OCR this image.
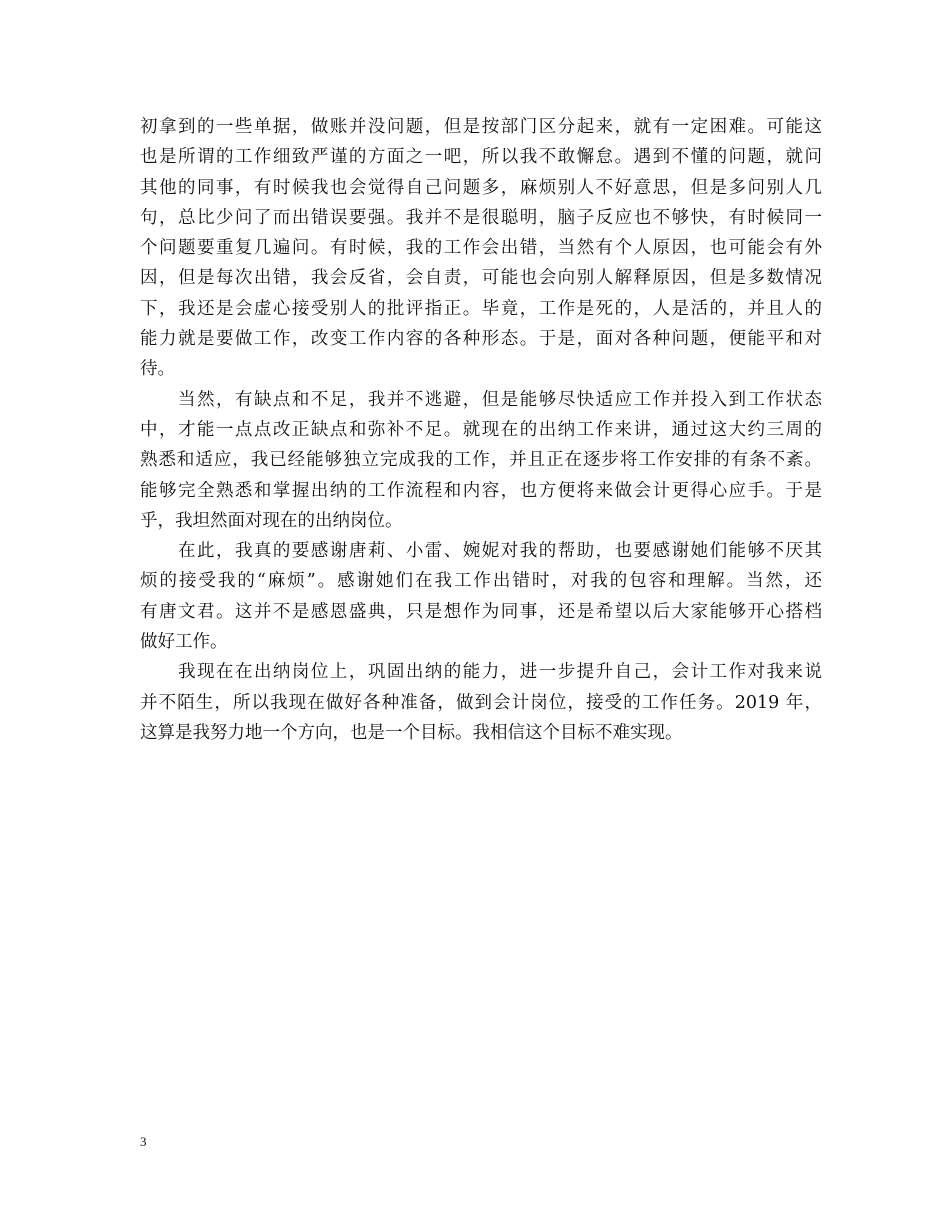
初拿到的一些单据，做账并没问题，但是按部门区分起来，就有一定困难。可能这
也是所谓的工作细致严谨的方面之一吧，所以我不敢懈怠。遇到不懂的问题，就问
其他的同事，有时候我也会觉得自己问题多，麻烦别人不好意思，但是多问别人几
句，总比少问了而出错误要强。我并不是很聪明，脑子反应也不够快，有时候同一
个问题要重复几遍问。有时候，我的工作会出错，当然有个人原因，也可能会有外
因，但是每次出错，我会反省，会自责，可能也会向别人解释原因，但是多数情况
下，我还是会虚心接受别人的批评指正。毕竟，工作是死的，人是活的，并且人的
能力就是要做工作，改变工作内容的各种形态。于是，面对各种问题，便能平和对
待。
当然，有缺点和不足，我并不逃避，但是能够尽快适应工作并投入到工作状态
中，才能一点点改正缺点和弥补不足。就现在的出纳工作来讲，通过这大约三周的
熟悉和适应，我已经能够独立完成我的工作，并且正在逐步将工作安排的有条不紊。
能够完全熟悉和掌握出纳的工作流程和内容，也方便将来做会计更得心应手。于是
乎，我坦然面对现在的出纳岗位。
在此，我真的要感谢唐莉、小雷、婉妮对我的帮助，也要感谢她们能够不厌其
烦的接受我的“麻烦”。感谢她们在我工作出错时，对我的包容和理解。当然，还
有唐文君。这并不是感恩盛典，只是想作为同事，还是希望以后大家能够开心搭档
做好工作。
我现在在出纳岗位上，巩固出纳的能力，进一步提升自己，会计工作对我来说
并不陌生，所以我现在做好各种准备，做到会计岗位，接受的工作任务。2019 年，
这算是我努力地一个方向，也是一个目标。我相信这个目标不难实现。
3
